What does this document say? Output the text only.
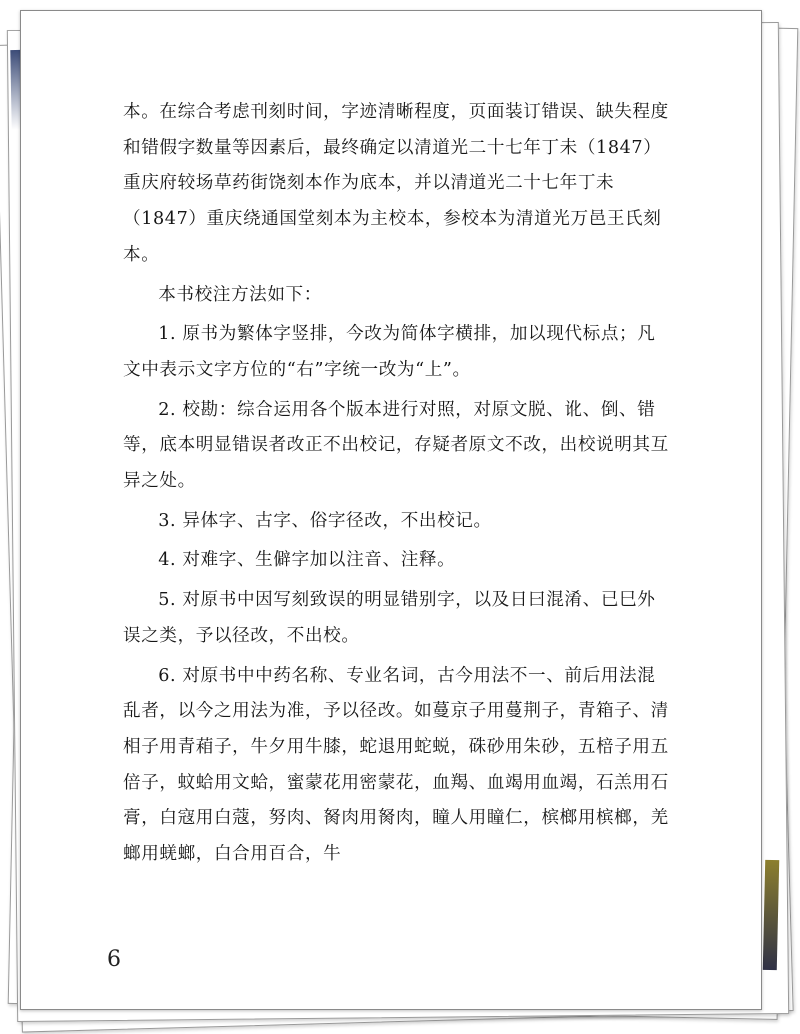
本。在综合考虑刊刻时间，字迹清晰程度，页面装订错误、缺失程度和错假字数量等因素后，最终确定以清道光二十七年丁未（1847）重庆府较场草药街饶刻本作为底本，并以清道光二十七年丁未（1847）重庆绕通国堂刻本为主校本，参校本为清道光万邑王氏刻本。

本书校注方法如下：

1. 原书为繁体字竖排，今改为简体字横排，加以现代标点；凡文中表示文字方位的“右”字统一改为“上”。

2. 校勘：综合运用各个版本进行对照，对原文脱、讹、倒、错等，底本明显错误者改正不出校记，存疑者原文不改，出校说明其互异之处。

3. 异体字、古字、俗字径改，不出校记。

4. 对难字、生僻字加以注音、注释。

5. 对原书中因写刻致误的明显错别字，以及日曰混淆、已巳外误之类，予以径改，不出校。

6. 对原书中中药名称、专业名词，古今用法不一、前后用法混乱者，以今之用法为准，予以径改。如蔓京子用蔓荆子，青箱子、清相子用青葙子，牛夕用牛膝，蛇退用蛇蜕，硃砂用朱砂，五棓子用五倍子，蚊蛤用文蛤，蜜蒙花用密蒙花，血羯、血竭用血竭，石羔用石膏，白寇用白蔻，努肉、胬肉用胬肉，瞳人用瞳仁，槟榔用槟榔，羌螂用蜣螂，白合用百合，牛

6
